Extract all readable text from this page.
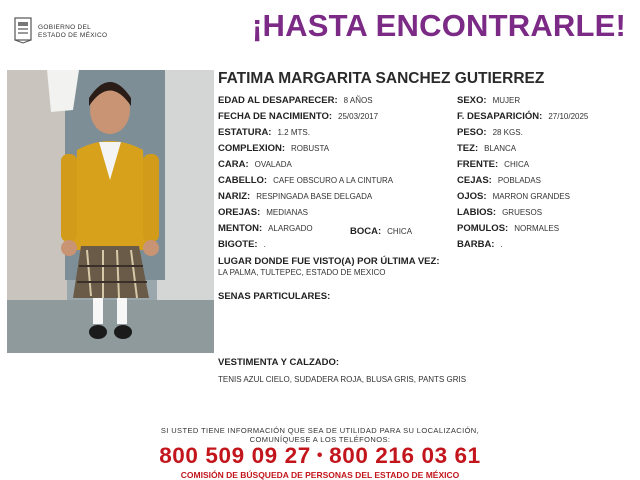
GOBIERNO DEL
ESTADO DE MÉXICO	¡HASTA ENCONTRARLE!
FATIMA MARGARITA SANCHEZ GUTIERREZ
EDAD AL DESAPARECER: 8 AÑOS
FECHA DE NACIMIENTO: 25/03/2017
ESTATURA: 1.2 MTS.
COMPLEXION: ROBUSTA
CARA: OVALADA
CABELLO: CAFE OBSCURO A LA CINTURA
NARIZ: RESPINGADA BASE DELGADA
OREJAS: MEDIANAS
MENTON: ALARGADO	BOCA: CHICA
BIGOTE: .
SEXO: MUJER
F. DESAPARICIÓN: 27/10/2025
PESO: 28 KGS.
TEZ: BLANCA
FRENTE: CHICA
CEJAS: POBLADAS
OJOS: MARRON GRANDES
LABIOS: GRUESOS
POMULOS: NORMALES
BARBA: .
LUGAR DONDE FUE VISTO(A) POR ÚLTIMA VEZ:
LA PALMA, TULTEPEC, ESTADO DE MEXICO
SENAS PARTICULARES:
VESTIMENTA Y CALZADO:
TENIS AZUL CIELO, SUDADERA ROJA, BLUSA GRIS, PANTS GRIS
SI USTED TIENE INFORMACIÓN QUE SEA DE UTILIDAD PARA SU LOCALIZACIÓN,
COMUNÍQUESE A LOS TELÉFONOS:
800 509 09 27 • 800 216 03 61
COMISIÓN DE BÚSQUEDA DE PERSONAS DEL ESTADO DE MÉXICO
